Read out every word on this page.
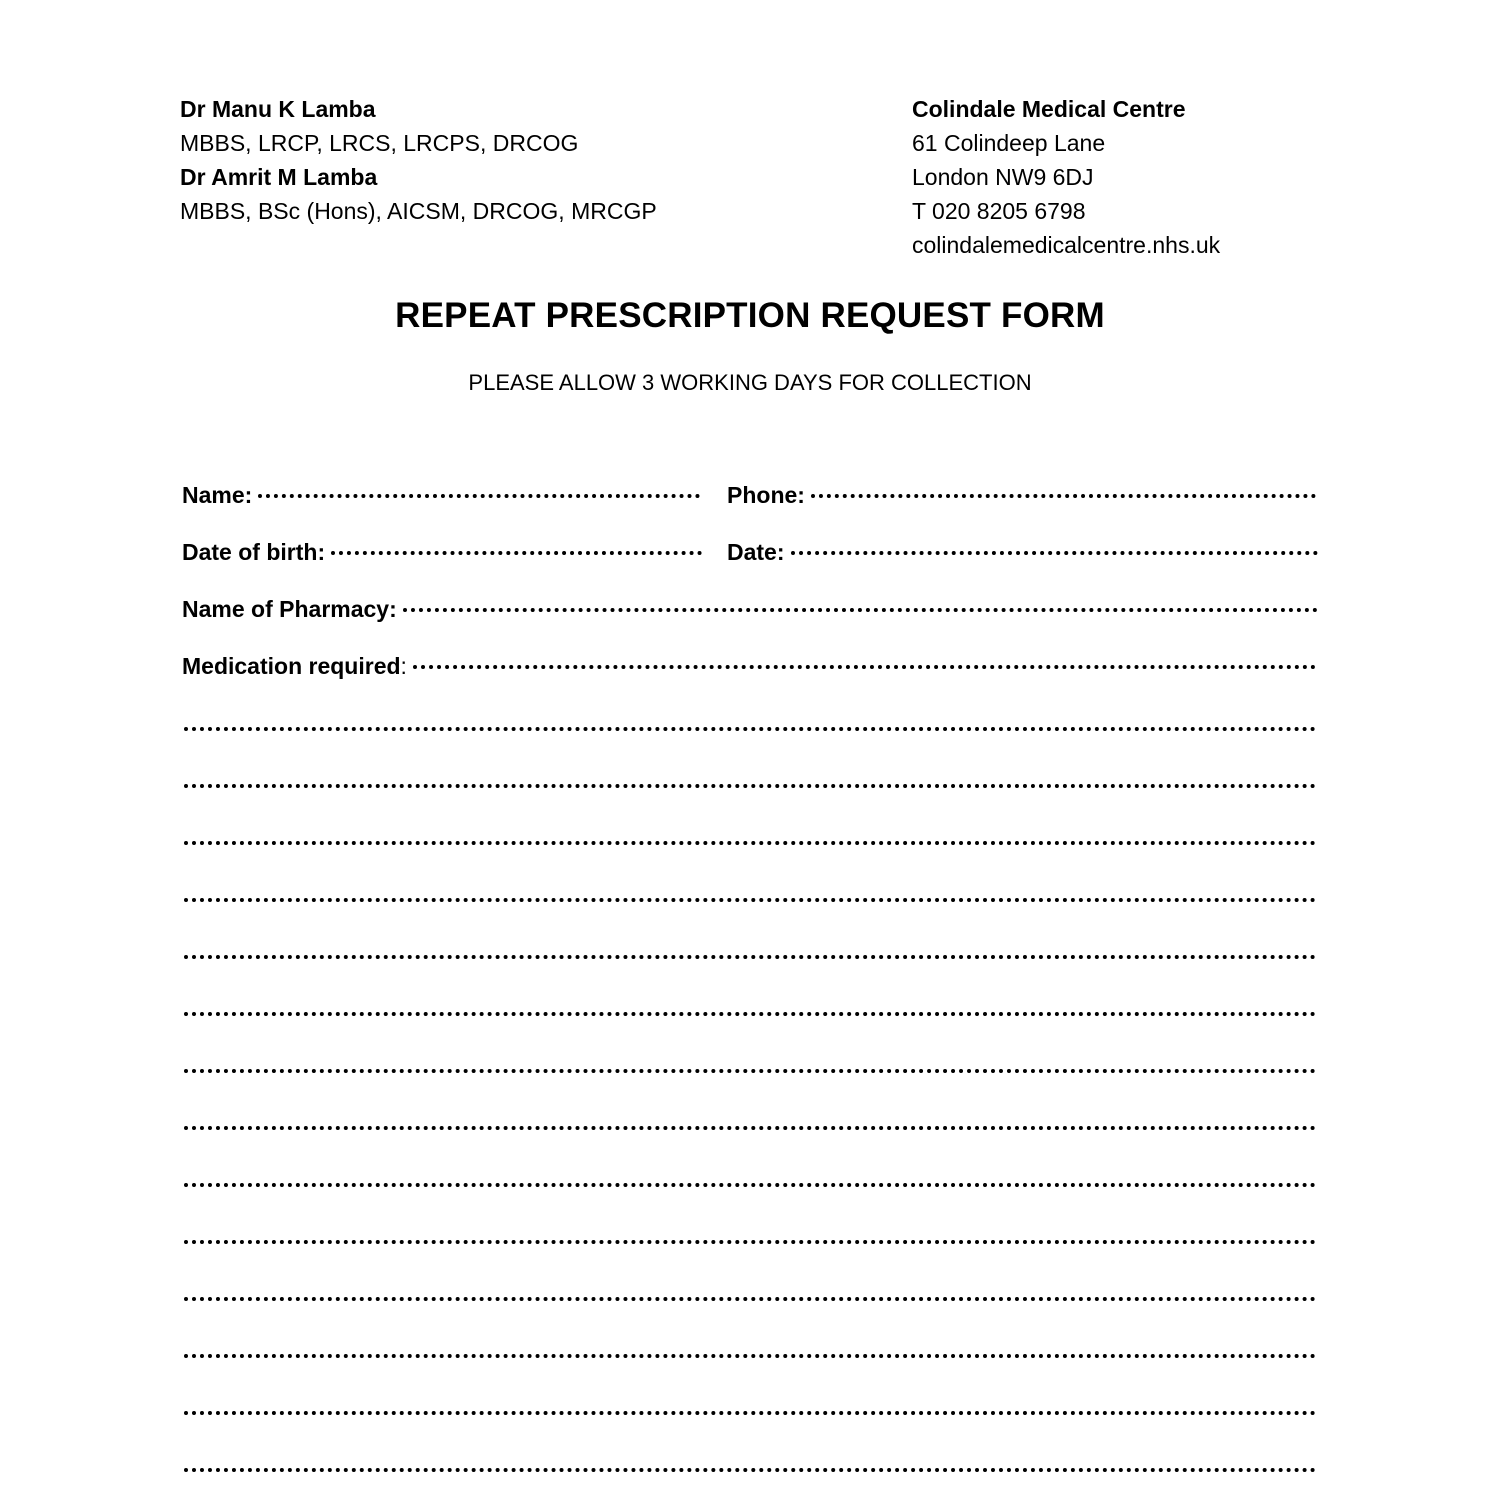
Dr Manu K Lamba
MBBS, LRCP, LRCS, LRCPS, DRCOG
Dr Amrit M Lamba
MBBS, BSc (Hons), AICSM, DRCOG, MRCGP
Colindale Medical Centre
61 Colindeep Lane
London NW9 6DJ
T 020 8205 6798
colindalemedicalcentre.nhs.uk
REPEAT PRESCRIPTION REQUEST FORM
PLEASE ALLOW 3 WORKING DAYS FOR COLLECTION
Name:	Phone:
Date of birth:	Date:
Name of Pharmacy:
Medication required:
